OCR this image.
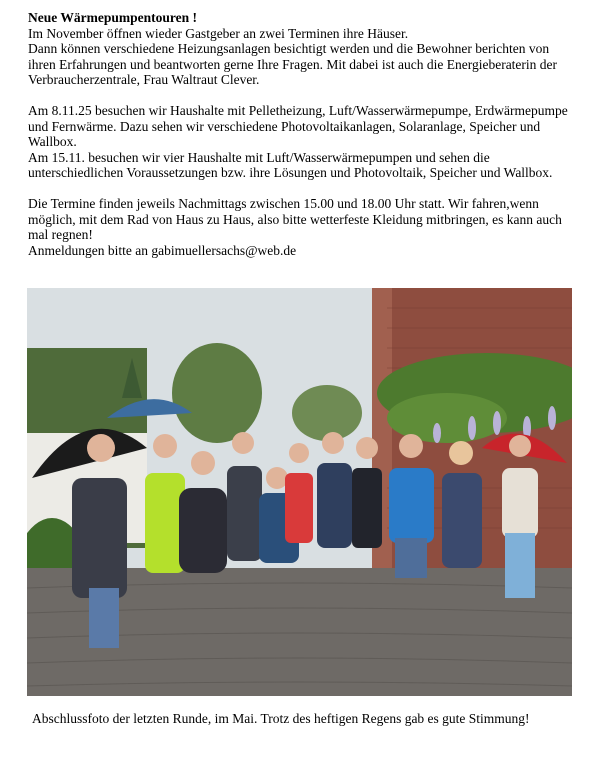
Neue Wärmepumpentouren !

Im November öffnen wieder Gastgeber an zwei Terminen ihre Häuser.

Dann können verschiedene Heizungsanlagen besichtigt werden und die Bewohner berichten von ihren Erfahrungen und beantworten gerne Ihre Fragen. Mit dabei ist auch die Energieberaterin der Verbraucherzentrale, Frau Waltraut Clever.

Am 8.11.25 besuchen wir Haushalte mit Pelletheizung, Luft/Wasserwärmepumpe, Erdwärmepumpe und Fernwärme. Dazu sehen wir verschiedene Photovoltaikanlagen, Solaranlage, Speicher und Wallbox.

Am 15.11. besuchen wir vier Haushalte mit Luft/Wasserwärmepumpen und sehen die unterschiedlichen Voraussetzungen bzw. ihre Lösungen und Photovoltaik, Speicher und Wallbox.

Die Termine finden jeweils Nachmittags zwischen 15.00 und 18.00 Uhr statt. Wir fahren,wenn möglich, mit dem Rad von Haus zu Haus, also bitte wetterfeste Kleidung mitbringen, es kann auch mal regnen!

Anmeldungen bitte an gabimuellersachs@web.de

Abschlussfoto der letzten Runde, im Mai. Trotz des heftigen Regens gab es gute Stimmung!
